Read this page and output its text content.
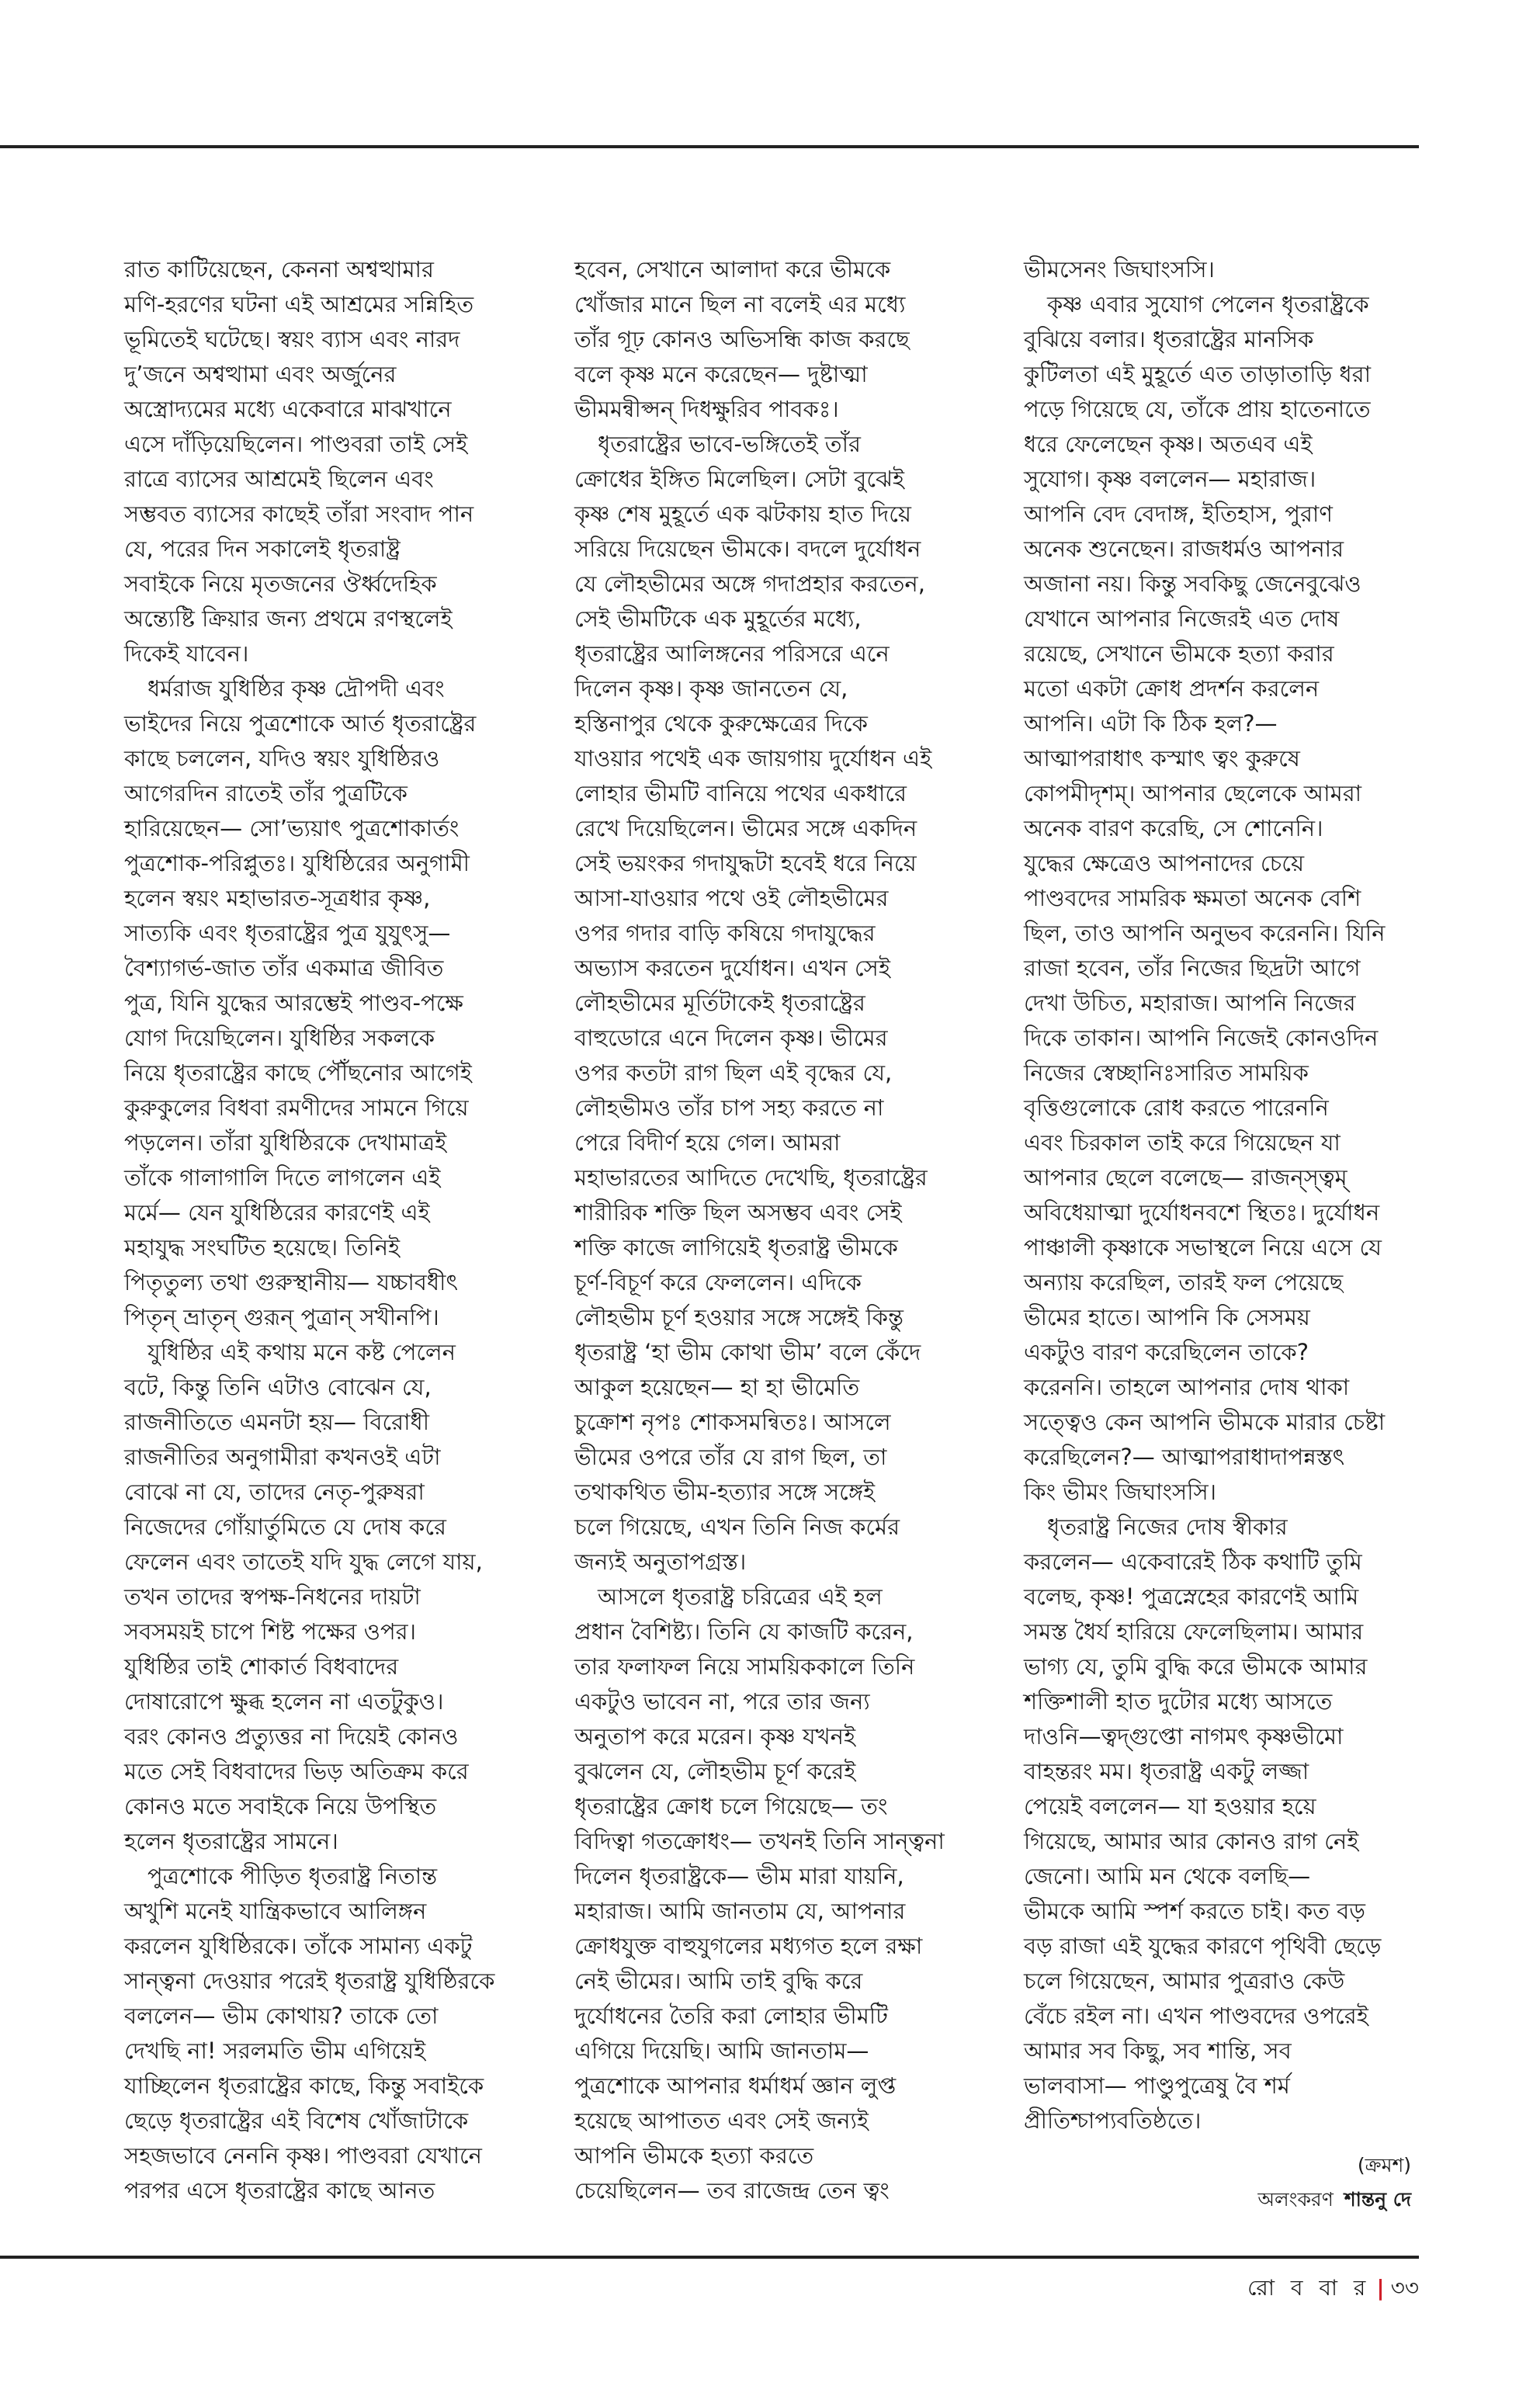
রাত কাটিয়েছেন, কেননা অশ্বত্থামার
মণি-হরণের ঘটনা এই আশ্রমের সন্নিহিত
ভূমিতেই ঘটেছে। স্বয়ং ব্যাস এবং নারদ
দু’জনে অশ্বত্থামা এবং অর্জুনের
অস্ত্রোদ্যমের মধ্যে একেবারে মাঝখানে
এসে দাঁড়িয়েছিলেন। পাণ্ডবরা তাই সেই
রাত্রে ব্যাসের আশ্রমেই ছিলেন এবং
সম্ভবত ব্যাসের কাছেই তাঁরা সংবাদ পান
যে, পরের দিন সকালেই ধৃতরাষ্ট্র
সবাইকে নিয়ে মৃতজনের ঔর্ধ্বদেহিক
অন্ত্যেষ্টি ক্রিয়ার জন্য প্রথমে রণস্থলেই
দিকেই যাবেন।
ধর্মরাজ যুধিষ্ঠির কৃষ্ণ দ্রৌপদী এবং
ভাইদের নিয়ে পুত্রশোকে আর্ত ধৃতরাষ্ট্রের
কাছে চললেন, যদিও স্বয়ং যুধিষ্ঠিরও
আগেরদিন রাতেই তাঁর পুত্রটিকে
হারিয়েছেন— সো’ভ্যয়াৎ পুত্রশোকার্তং
পুত্রশোক-পরিপ্লুতঃ। যুধিষ্ঠিরের অনুগামী
হলেন স্বয়ং মহাভারত-সূত্রধার কৃষ্ণ,
সাত্যকি এবং ধৃতরাষ্ট্রের পুত্র যুযুৎসু—
বৈশ্যাগর্ভ-জাত তাঁর একমাত্র জীবিত
পুত্র, যিনি যুদ্ধের আরম্ভেই পাণ্ডব-পক্ষে
যোগ দিয়েছিলেন। যুধিষ্ঠির সকলকে
নিয়ে ধৃতরাষ্ট্রের কাছে পৌঁছনোর আগেই
কুরুকুলের বিধবা রমণীদের সামনে গিয়ে
পড়লেন। তাঁরা যুধিষ্ঠিরকে দেখামাত্রই
তাঁকে গালাগালি দিতে লাগলেন এই
মর্মে— যেন যুধিষ্ঠিরের কারণেই এই
মহাযুদ্ধ সংঘটিত হয়েছে। তিনিই
পিতৃতুল্য তথা গুরুস্থানীয়— যচ্চাবধীৎ
পিতৃন্ ভ্রাতৃন্ গুরূন্ পুত্রান্ সখীনপি।
যুধিষ্ঠির এই কথায় মনে কষ্ট পেলেন
বটে, কিন্তু তিনি এটাও বোঝেন যে,
রাজনীতিতে এমনটা হয়— বিরোধী
রাজনীতির অনুগামীরা কখনওই এটা
বোঝে না যে, তাদের নেতৃ-পুরুষরা
নিজেদের গোঁয়ার্তুমিতে যে দোষ করে
ফেলেন এবং তাতেই যদি যুদ্ধ লেগে যায়,
তখন তাদের স্বপক্ষ-নিধনের দায়টা
সবসময়ই চাপে শিষ্ট পক্ষের ওপর।
যুধিষ্ঠির তাই শোকার্ত বিধবাদের
দোষারোপে ক্ষুব্ধ হলেন না এতটুকুও।
বরং কোনও প্রত্যুত্তর না দিয়েই কোনও
মতে সেই বিধবাদের ভিড় অতিক্রম করে
কোনও মতে সবাইকে নিয়ে উপস্থিত
হলেন ধৃতরাষ্ট্রের সামনে।
পুত্রশোকে পীড়িত ধৃতরাষ্ট্র নিতান্ত
অখুশি মনেই যান্ত্রিকভাবে আলিঙ্গন
করলেন যুধিষ্ঠিরকে। তাঁকে সামান্য একটু
সান্ত্বনা দেওয়ার পরেই ধৃতরাষ্ট্র যুধিষ্ঠিরকে
বললেন— ভীম কোথায়? তাকে তো
দেখছি না! সরলমতি ভীম এগিয়েই
যাচ্ছিলেন ধৃতরাষ্ট্রের কাছে, কিন্তু সবাইকে
ছেড়ে ধৃতরাষ্ট্রের এই বিশেষ খোঁজাটাকে
সহজভাবে নেননি কৃষ্ণ। পাণ্ডবরা যেখানে
পরপর এসে ধৃতরাষ্ট্রের কাছে আনত
হবেন, সেখানে আলাদা করে ভীমকে
খোঁজার মানে ছিল না বলেই এর মধ্যে
তাঁর গূঢ় কোনও অভিসন্ধি কাজ করছে
বলে কৃষ্ণ মনে করেছেন— দুষ্টাত্মা
ভীমমন্বীপ্সন্ দিধক্ষুরিব পাবকঃ।
ধৃতরাষ্ট্রের ভাবে-ভঙ্গিতেই তাঁর
ক্রোধের ইঙ্গিত মিলেছিল। সেটা বুঝেই
কৃষ্ণ শেষ মুহূর্তে এক ঝটকায় হাত দিয়ে
সরিয়ে দিয়েছেন ভীমকে। বদলে দুর্যোধন
যে লৌহভীমের অঙ্গে গদাপ্রহার করতেন,
সেই ভীমটিকে এক মুহূর্তের মধ্যে,
ধৃতরাষ্ট্রের আলিঙ্গনের পরিসরে এনে
দিলেন কৃষ্ণ। কৃষ্ণ জানতেন যে,
হস্তিনাপুর থেকে কুরুক্ষেত্রের দিকে
যাওয়ার পথেই এক জায়গায় দুর্যোধন এই
লোহার ভীমটি বানিয়ে পথের একধারে
রেখে দিয়েছিলেন। ভীমের সঙ্গে একদিন
সেই ভয়ংকর গদাযুদ্ধটা হবেই ধরে নিয়ে
আসা-যাওয়ার পথে ওই লৌহভীমের
ওপর গদার বাড়ি কষিয়ে গদাযুদ্ধের
অভ্যাস করতেন দুর্যোধন। এখন সেই
লৌহভীমের মূর্তিটাকেই ধৃতরাষ্ট্রের
বাহুডোরে এনে দিলেন কৃষ্ণ। ভীমের
ওপর কতটা রাগ ছিল এই বৃদ্ধের যে,
লৌহভীমও তাঁর চাপ সহ্য করতে না
পেরে বিদীর্ণ হয়ে গেল। আমরা
মহাভারতের আদিতে দেখেছি, ধৃতরাষ্ট্রের
শারীরিক শক্তি ছিল অসম্ভব এবং সেই
শক্তি কাজে লাগিয়েই ধৃতরাষ্ট্র ভীমকে
চূর্ণ-বিচূর্ণ করে ফেললেন। এদিকে
লৌহভীম চূর্ণ হওয়ার সঙ্গে সঙ্গেই কিন্তু
ধৃতরাষ্ট্র ‘হা ভীম কোথা ভীম’ বলে কেঁদে
আকুল হয়েছেন— হা হা ভীমেতি
চুক্রোশ নৃপঃ শোকসমন্বিতঃ। আসলে
ভীমের ওপরে তাঁর যে রাগ ছিল, তা
তথাকথিত ভীম-হত্যার সঙ্গে সঙ্গেই
চলে গিয়েছে, এখন তিনি নিজ কর্মের
জন্যই অনুতাপগ্রস্ত।
আসলে ধৃতরাষ্ট্র চরিত্রের এই হল
প্রধান বৈশিষ্ট্য। তিনি যে কাজটি করেন,
তার ফলাফল নিয়ে সাময়িককালে তিনি
একটুও ভাবেন না, পরে তার জন্য
অনুতাপ করে মরেন। কৃষ্ণ যখনই
বুঝলেন যে, লৌহভীম চূর্ণ করেই
ধৃতরাষ্ট্রের ক্রোধ চলে গিয়েছে— তং
বিদিত্বা গতক্রোধং— তখনই তিনি সান্ত্বনা
দিলেন ধৃতরাষ্ট্রকে— ভীম মারা যায়নি,
মহারাজ। আমি জানতাম যে, আপনার
ক্রোধযুক্ত বাহুযুগলের মধ্যগত হলে রক্ষা
নেই ভীমের। আমি তাই বুদ্ধি করে
দুর্যোধনের তৈরি করা লোহার ভীমটি
এগিয়ে দিয়েছি। আমি জানতাম—
পুত্রশোকে আপনার ধর্মাধর্ম জ্ঞান লুপ্ত
হয়েছে আপাতত এবং সেই জন্যই
আপনি ভীমকে হত্যা করতে
চেয়েছিলেন— তব রাজেন্দ্র তেন ত্বং
ভীমসেনং জিঘাংসসি।
কৃষ্ণ এবার সুযোগ পেলেন ধৃতরাষ্ট্রকে
বুঝিয়ে বলার। ধৃতরাষ্ট্রের মানসিক
কুটিলতা এই মুহূর্তে এত তাড়াতাড়ি ধরা
পড়ে গিয়েছে যে, তাঁকে প্রায় হাতেনাতে
ধরে ফেলেছেন কৃষ্ণ। অতএব এই
সুযোগ। কৃষ্ণ বললেন— মহারাজ।
আপনি বেদ বেদাঙ্গ, ইতিহাস, পুরাণ
অনেক শুনেছেন। রাজধর্মও আপনার
অজানা নয়। কিন্তু সবকিছু জেনেবুঝেও
যেখানে আপনার নিজেরই এত দোষ
রয়েছে, সেখানে ভীমকে হত্যা করার
মতো একটা ক্রোধ প্রদর্শন করলেন
আপনি। এটা কি ঠিক হল?—
আত্মাপরাধাৎ কস্মাৎ ত্বং কুরুষে
কোপমীদৃশম্। আপনার ছেলেকে আমরা
অনেক বারণ করেছি, সে শোনেনি।
যুদ্ধের ক্ষেত্রেও আপনাদের চেয়ে
পাণ্ডবদের সামরিক ক্ষমতা অনেক বেশি
ছিল, তাও আপনি অনুভব করেননি। যিনি
রাজা হবেন, তাঁর নিজের ছিদ্রটা আগে
দেখা উচিত, মহারাজ। আপনি নিজের
দিকে তাকান। আপনি নিজেই কোনওদিন
নিজের স্বেচ্ছানিঃসারিত সাময়িক
বৃত্তিগুলোকে রোধ করতে পারেননি
এবং চিরকাল তাই করে গিয়েছেন যা
আপনার ছেলে বলেছে— রাজন্‌স্ত্বম্
অবিধেয়াত্মা দুর্যোধনবশে স্থিতঃ। দুর্যোধন
পাঞ্চালী কৃষ্ণাকে সভাস্থলে নিয়ে এসে যে
অন্যায় করেছিল, তারই ফল পেয়েছে
ভীমের হাতে। আপনি কি সেসময়
একটুও বারণ করেছিলেন তাকে?
করেননি। তাহলে আপনার দোষ থাকা
সত্ত্বেও কেন আপনি ভীমকে মারার চেষ্টা
করেছিলেন?— আত্মাপরাধাদাপন্নস্তৎ
কিং ভীমং জিঘাংসসি।
ধৃতরাষ্ট্র নিজের দোষ স্বীকার
করলেন— একেবারেই ঠিক কথাটি তুমি
বলেছ, কৃষ্ণ! পুত্রস্নেহের কারণেই আমি
সমস্ত ধৈর্য হারিয়ে ফেলেছিলাম। আমার
ভাগ্য যে, তুমি বুদ্ধি করে ভীমকে আমার
শক্তিশালী হাত দুটোর মধ্যে আসতে
দাওনি—ত্বদ্‌গুপ্তো নাগমৎ কৃষ্ণভীমো
বাহন্তরং মম। ধৃতরাষ্ট্র একটু লজ্জা
পেয়েই বললেন— যা হওয়ার হয়ে
গিয়েছে, আমার আর কোনও রাগ নেই
জেনো। আমি মন থেকে বলছি—
ভীমকে আমি স্পর্শ করতে চাই। কত বড়
বড় রাজা এই যুদ্ধের কারণে পৃথিবী ছেড়ে
চলে গিয়েছেন, আমার পুত্ররাও কেউ
বেঁচে রইল না। এখন পাণ্ডবদের ওপরেই
আমার সব কিছু, সব শান্তি, সব
ভালবাসা— পাণ্ডুপুত্রেষু বৈ শর্ম
প্রীতিশ্চাপ্যবতিষ্ঠতে।
(ক্রমশ)
অলংকরণ শান্তনু দে
রো ব বা র | ৩৩
